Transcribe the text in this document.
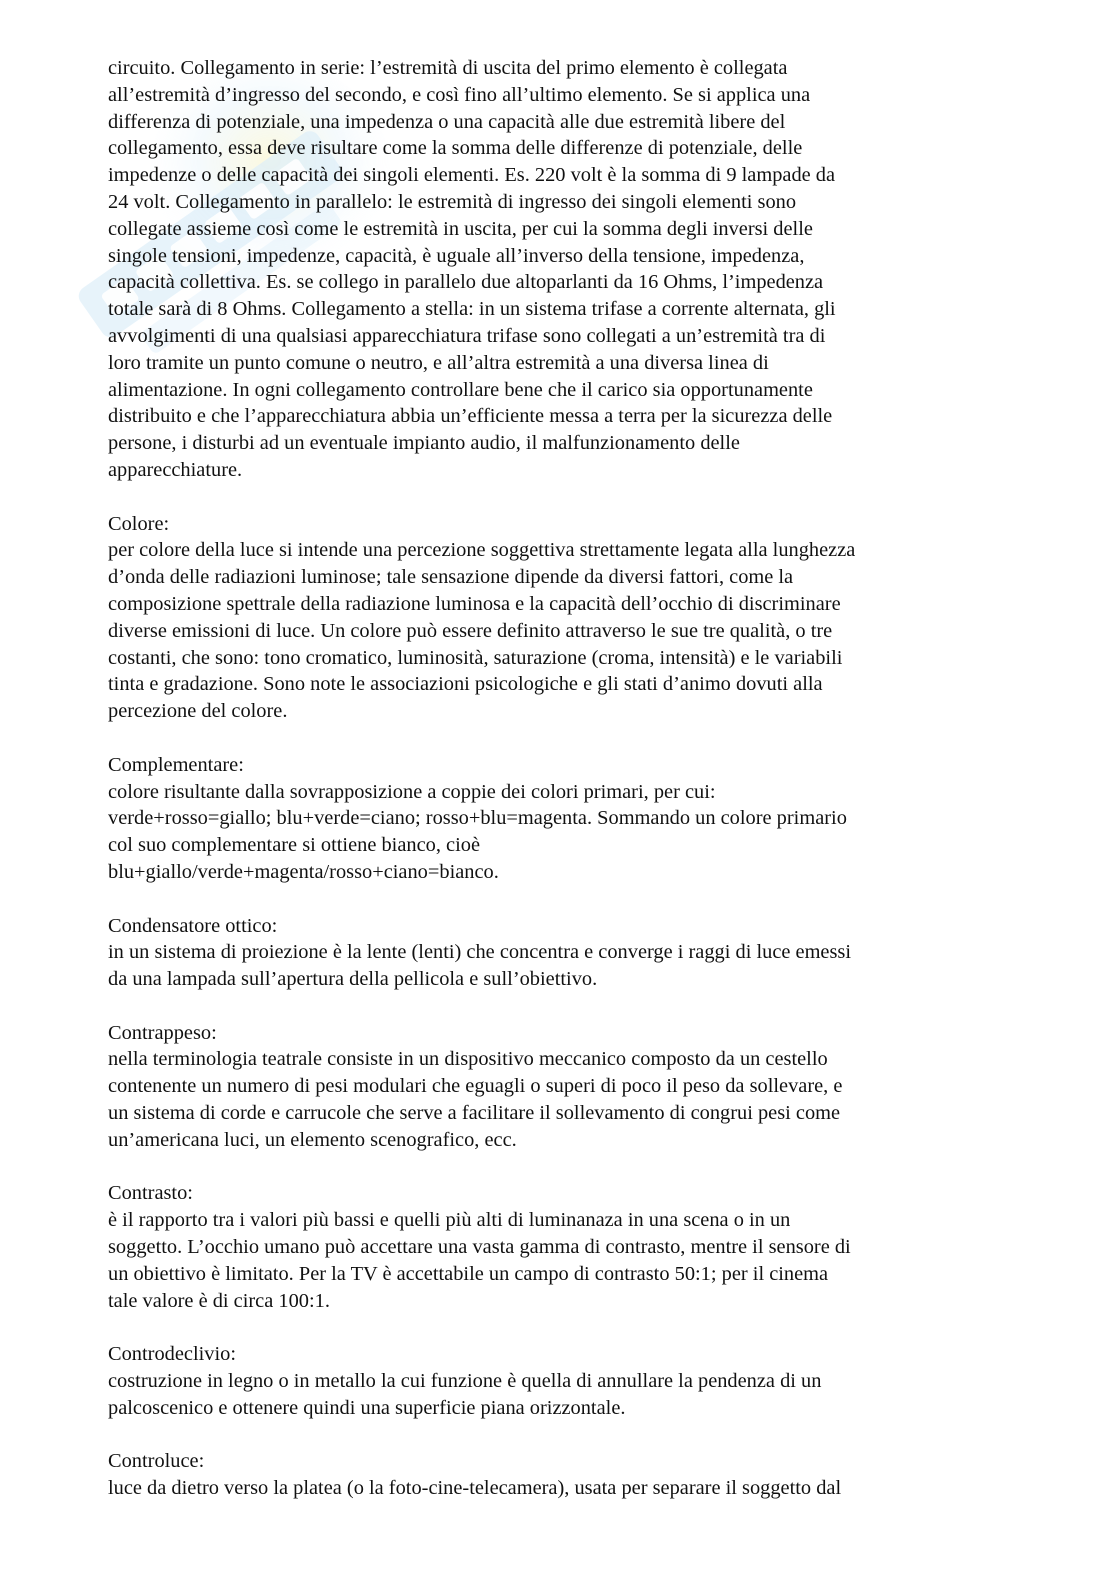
circuito. Collegamento in serie: l’estremità di uscita del primo elemento è collegata
all’estremità d’ingresso del secondo, e così fino all’ultimo elemento. Se si applica una
differenza di potenziale, una impedenza o una capacità alle due estremità libere del
collegamento, essa deve risultare come la somma delle differenze di potenziale, delle
impedenze o delle capacità dei singoli elementi. Es. 220 volt è la somma di 9 lampade da
24 volt. Collegamento in parallelo: le estremità di ingresso dei singoli elementi sono
collegate assieme così come le estremità in uscita, per cui la somma degli inversi delle
singole tensioni, impedenze, capacità, è uguale all’inverso della tensione, impedenza,
capacità collettiva. Es. se collego in parallelo due altoparlanti da 16 Ohms, l’impedenza
totale sarà di 8 Ohms. Collegamento a stella: in un sistema trifase a corrente alternata, gli
avvolgimenti di una qualsiasi apparecchiatura trifase sono collegati a un’estremità tra di
loro tramite un punto comune o neutro, e all’altra estremità a una diversa linea di
alimentazione. In ogni collegamento controllare bene che il carico sia opportunamente
distribuito e che l’apparecchiatura abbia un’efficiente messa a terra per la sicurezza delle
persone, i disturbi ad un eventuale impianto audio, il malfunzionamento delle
apparecchiature.

Colore:
per colore della luce si intende una percezione soggettiva strettamente legata alla lunghezza
d’onda delle radiazioni luminose; tale sensazione dipende da diversi fattori, come la
composizione spettrale della radiazione luminosa e la capacità dell’occhio di discriminare
diverse emissioni di luce. Un colore può essere definito attraverso le sue tre qualità, o tre
costanti, che sono: tono cromatico, luminosità, saturazione (croma, intensità) e le variabili
tinta e gradazione. Sono note le associazioni psicologiche e gli stati d’animo dovuti alla
percezione del colore.

Complementare:
colore risultante dalla sovrapposizione a coppie dei colori primari, per cui:
verde+rosso=giallo; blu+verde=ciano; rosso+blu=magenta. Sommando un colore primario
col suo complementare si ottiene bianco, cioè
blu+giallo/verde+magenta/rosso+ciano=bianco.

Condensatore ottico:
in un sistema di proiezione è la lente (lenti) che concentra e converge i raggi di luce emessi
da una lampada sull’apertura della pellicola e sull’obiettivo.

Contrappeso:
nella terminologia teatrale consiste in un dispositivo meccanico composto da un cestello
contenente un numero di pesi modulari che eguagli o superi di poco il peso da sollevare, e
un sistema di corde e carrucole che serve a facilitare il sollevamento di congrui pesi come
un’americana luci, un elemento scenografico, ecc.

Contrasto:
è il rapporto tra i valori più bassi e quelli più alti di luminanaza in una scena o in un
soggetto. L’occhio umano può accettare una vasta gamma di contrasto, mentre il sensore di
un obiettivo è limitato. Per la TV è accettabile un campo di contrasto 50:1; per il cinema
tale valore è di circa 100:1.

Controdeclivio:
costruzione in legno o in metallo la cui funzione è quella di annullare la pendenza di un
palcoscenico e ottenere quindi una superficie piana orizzontale.

Controluce:
luce da dietro verso la platea (o la foto-cine-telecamera), usata per separare il soggetto dal
